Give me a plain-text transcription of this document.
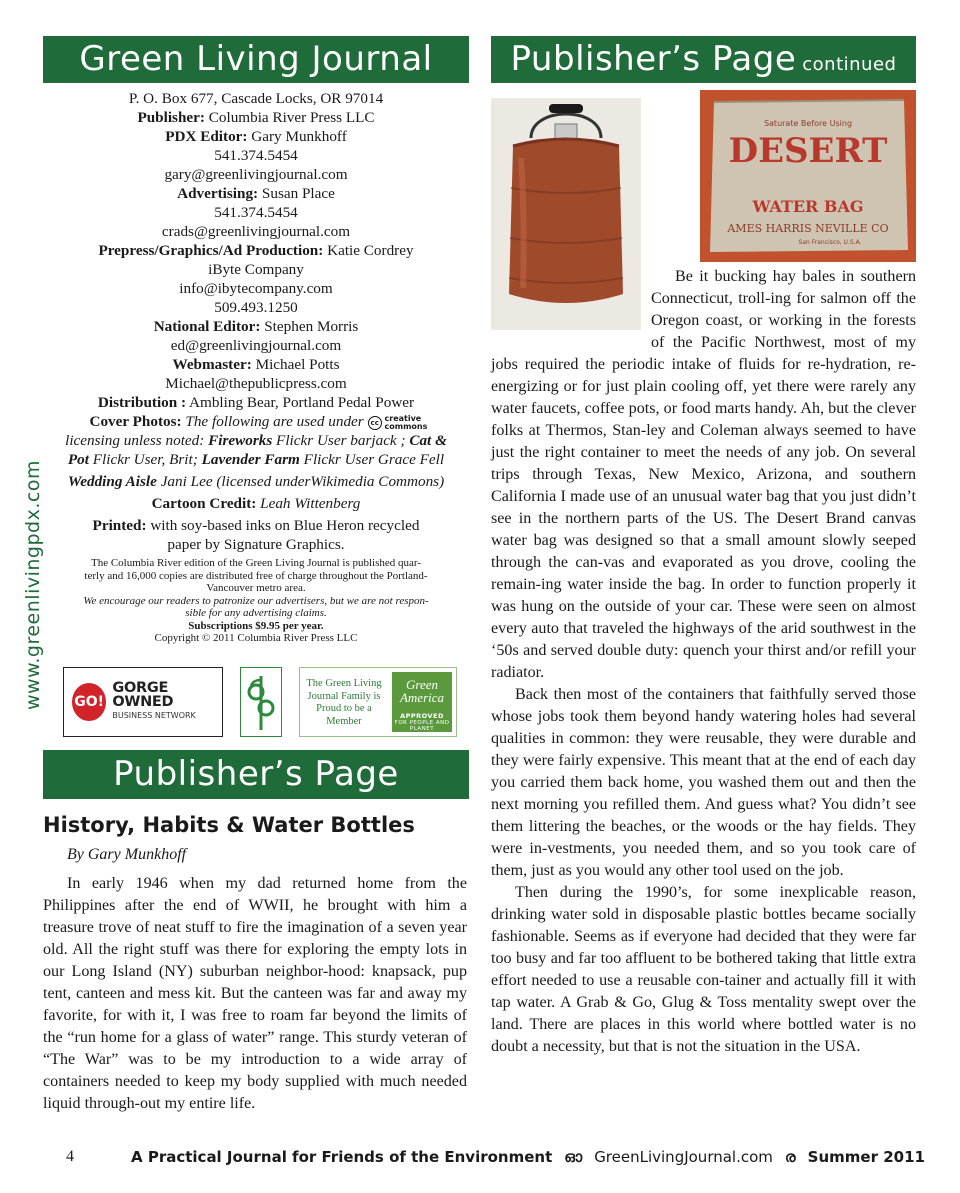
Green Living Journal	Publisher’s Page continued
Publisher’s Page
www.greenlivingpdx.com
P. O. Box 677, Cascade Locks, OR 97014
Publisher: Columbia River Press LLC
PDX Editor: Gary Munkhoff
541.374.5454
gary@greenlivingjournal.com
Advertising: Susan Place
541.374.5454
crads@greenlivingjournal.com
Prepress/Graphics/Ad Production: Katie Cordrey
iByte Company
info@ibytecompany.com
509.493.1250
National Editor: Stephen Morris
ed@greenlivingjournal.com
Webmaster: Michael Potts
Michael@thepublicpress.com
Distribution : Ambling Bear, Portland Pedal Power
Cover Photos: The following are used under cc creative commons
licensing unless noted: Fireworks Flickr User barjack ; Cat &
Pot Flickr User, Brit; Lavender Farm Flickr User Grace Fell
Wedding Aisle Jani Lee (licensed underWikimedia Commons)
Cartoon Credit: Leah Wittenberg
Printed: with soy-based inks on Blue Heron recycled
paper by Signature Graphics.
The Columbia River edition of the Green Living Journal is published quar-
terly and 16,000 copies are distributed free of charge throughout the Portland-
Vancouver metro area.
We encourage our readers to patronize our advertisers, but we are not respon-
sible for any advertising claims.
Subscriptions $9.95 per year.
Copyright © 2011 Columbia River Press LLC
GO!
GORGE OWNED
BUSINESS NETWORK
The Green Living Journal Family is Proud to be a Member
Green America
APPROVED
FOR PEOPLE AND PLANET
History, Habits & Water Bottles
By Gary Munkhoff

In early 1946 when my dad returned home from the Philippines after the end of WWII, he brought with him a treasure trove of neat stuff to fire the imagination of a seven year old. All the right stuff was there for exploring the empty lots in our Long Island (NY) suburban neighbor-hood: knapsack, pup tent, canteen and mess kit. But the canteen was far and away my favorite, for with it, I was free to roam far beyond the limits of the “run home for a glass of water” range. This sturdy veteran of “The War” was to be my introduction to a wide array of containers needed to keep my body supplied with much needed liquid through-out my entire life.

Saturate Before Using
DESERT
WATER BAG
AMES HARRIS NEVILLE CO
San Francisco, U.S.A.

Be it bucking hay bales in southern Connecticut, troll-ing for salmon off the Oregon coast, or working in the forests of the Pacific Northwest, most of my jobs required the periodic intake of fluids for re-hydration, re-energizing or for just plain cooling off, yet there were rarely any water faucets, coffee pots, or food marts handy. Ah, but the clever folks at Thermos, Stan-ley and Coleman always seemed to have just the right container to meet the needs of any job. On several trips through Texas, New Mexico, Arizona, and southern California I made use of an unusual water bag that you just didn’t see in the northern parts of the US. The Desert Brand canvas water bag was designed so that a small amount slowly seeped through the can-vas and evaporated as you drove, cooling the remain-ing water inside the bag. In order to function properly it was hung on the outside of your car. These were seen on almost every auto that traveled the highways of the arid southwest in the ‘50s and served double duty: quench your thirst and/or refill your radiator.

Back then most of the containers that faithfully served those whose jobs took them beyond handy watering holes had several qualities in common: they were reusable, they were durable and they were fairly expensive. This meant that at the end of each day you carried them back home, you washed them out and then the next morning you refilled them. And guess what? You didn’t see them littering the beaches, or the woods or the hay fields. They were in-vestments, you needed them, and so you took care of them, just as you would any other tool used on the job.

Then during the 1990’s, for some inexplicable reason, drinking water sold in disposable plastic bottles became socially fashionable. Seems as if everyone had decided that they were far too busy and far too affluent to be bothered taking that little extra effort needed to use a reusable con-tainer and actually fill it with tap water. A Grab & Go, Glug & Toss mentality swept over the land. There are places in this world where bottled water is no doubt a necessity, but that is not the situation in the USA.

4	A Practical Journal for Friends of the Environment ഓ GreenLivingJournal.com ര Summer 2011
